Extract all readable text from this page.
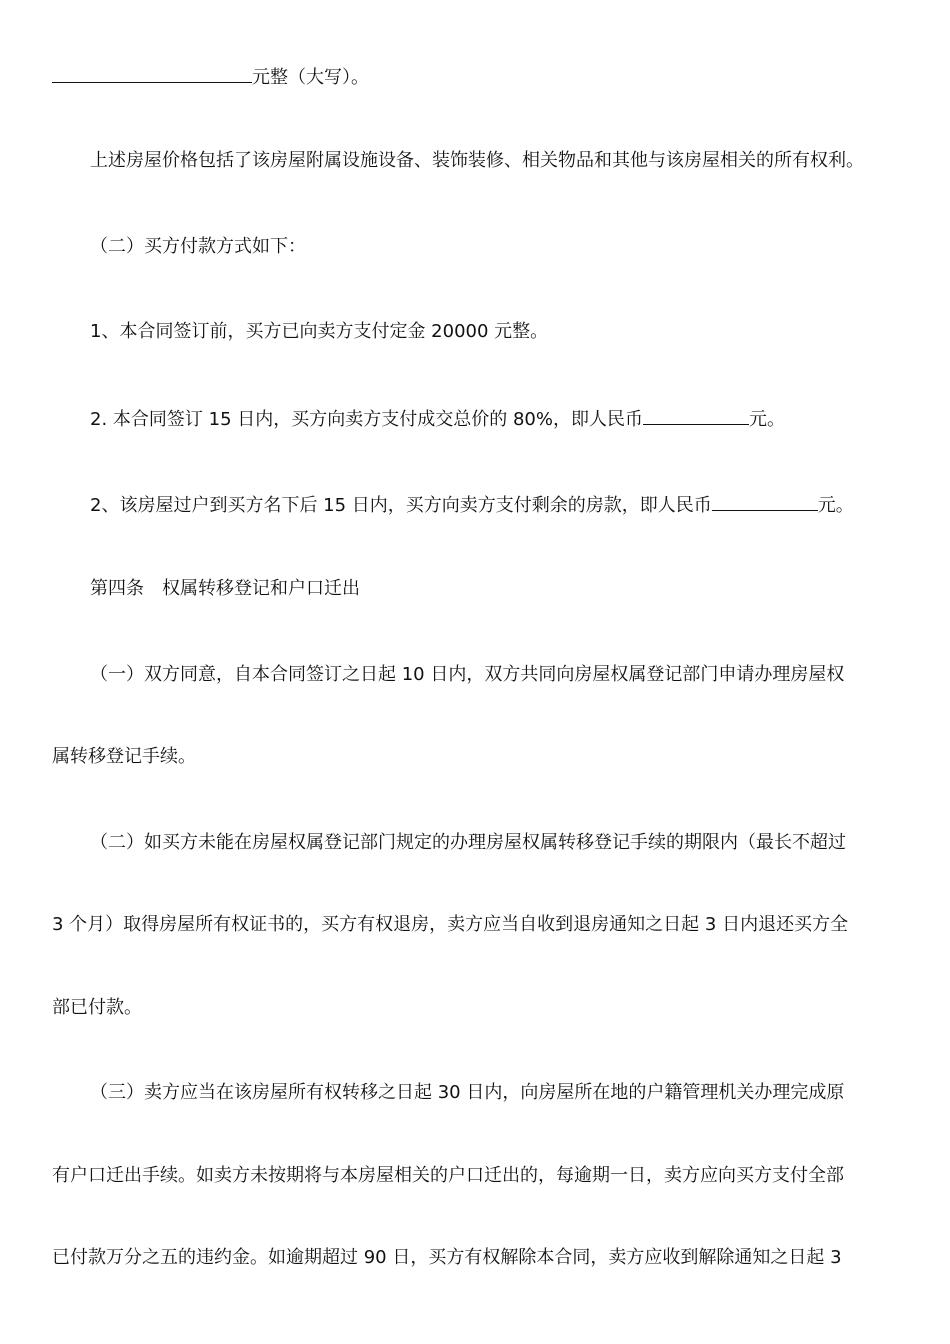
元整（大写）。
上述房屋价格包括了该房屋附属设施设备、装饰装修、相关物品和其他与该房屋相关的所有权利。
（二）买方付款方式如下：
1、本合同签订前，买方已向卖方支付定金 20000 元整。
2. 本合同签订 15 日内，买方向卖方支付成交总价的 80%，即人民币	元。
2、该房屋过户到买方名下后 15 日内，买方向卖方支付剩余的房款，即人民币	元。
第四条 权属转移登记和户口迁出
（一）双方同意，自本合同签订之日起 10 日内，双方共同向房屋权属登记部门申请办理房屋权
属转移登记手续。
（二）如买方未能在房屋权属登记部门规定的办理房屋权属转移登记手续的期限内（最长不超过
3 个月）取得房屋所有权证书的，买方有权退房，卖方应当自收到退房通知之日起 3 日内退还买方全
部已付款。
（三）卖方应当在该房屋所有权转移之日起 30 日内，向房屋所在地的户籍管理机关办理完成原
有户口迁出手续。如卖方未按期将与本房屋相关的户口迁出的，每逾期一日，卖方应向买方支付全部
已付款万分之五的违约金。如逾期超过 90 日，买方有权解除本合同，卖方应收到解除通知之日起 3
